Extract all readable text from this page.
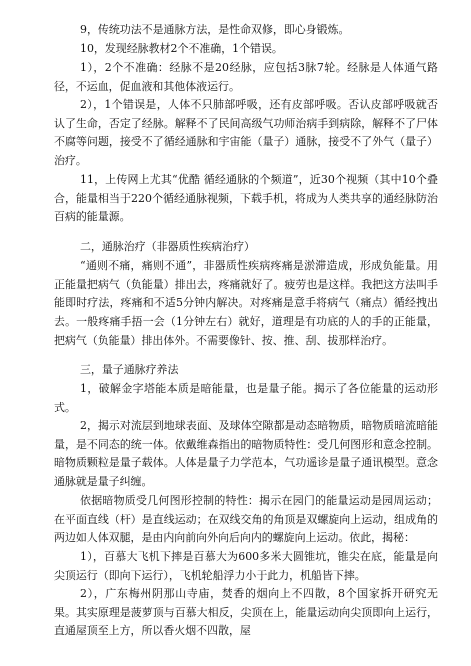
9，传统功法不是通脉方法，是性命双修，即心身锻炼。

10，发现经脉教材2个不准确，1个错误。

1），2个不准确：经脉不是20经脉，应包括3脉7轮。经脉是人体通气路径，不运血，促血液和其他体液运行。

2），1个错误是，人体不只肺部呼吸，还有皮部呼吸。否认皮部呼吸就否认了生命，否定了经脉。解释不了民间高级气功师治病手到病除，解释不了尸体不腐等问题，接受不了循经通脉和宇宙能（量子）通脉，接受不了外气（量子）治疗。

11，上传网上尤其“优酷 循经通脉的个频道”，近30个视频（其中10个叠合，能量相当于220个循经通脉视频，下载手机，将成为人类共享的通经脉防治百病的能量源。

二，通脉治疗（非器质性疾病治疗）

“通则不痛，痛则不通”，非器质性疾病疼痛是淤滞造成，形成负能量。用正能量把病气（负能量）排出去，疼痛就好了。疲劳也是这样。我把这方法叫手能即时疗法，疼痛和不适5分钟内解决。对疼痛是意手将病气（痛点）循经拽出去。一般疼痛手捂一会（1分钟左右）就好，道理是有功底的人的手的正能量，把病气（负能量）排出体外。不需要像针、按、推、刮、拔那样治疗。

三，量子通脉疗养法

1，破解金字塔能本质是暗能量，也是量子能。揭示了各位能量的运动形式。

2，揭示对流层到地球表面、及球体空隙都是动态暗物质，暗物质暗流暗能量，是不同态的统一体。依戴维森指出的暗物质特性：受几何图形和意念控制。暗物质颗粒是量子载体。人体是量子力学范本，气功遥诊是量子通讯模型。意念通脉就是量子纠缠。

依据暗物质受几何图形控制的特性：揭示在园门的能量运动是园周运动；在平面直线（杆）是直线运动；在双线交角的角顶是双螺旋向上运动，组成角的两边如人体双腿，是由内向前向外向后向内的螺旋向上运动。依此，揭秘：

1），百慕大飞机下摔是百慕大为600多米大圆锥坑，锥尖在底，能量是向尖顶运行（即向下运行），飞机轮船浮力小于此力，机船皆下摔。

2），广东梅州阴那山寺庙，焚香的烟向上不四散，8个国家拆开研究无果。其实原理是菠萝顶与百慕大相反，尖顶在上，能量运动向尖顶即向上运行，直通屋顶至上方，所以香火烟不四散，屋
